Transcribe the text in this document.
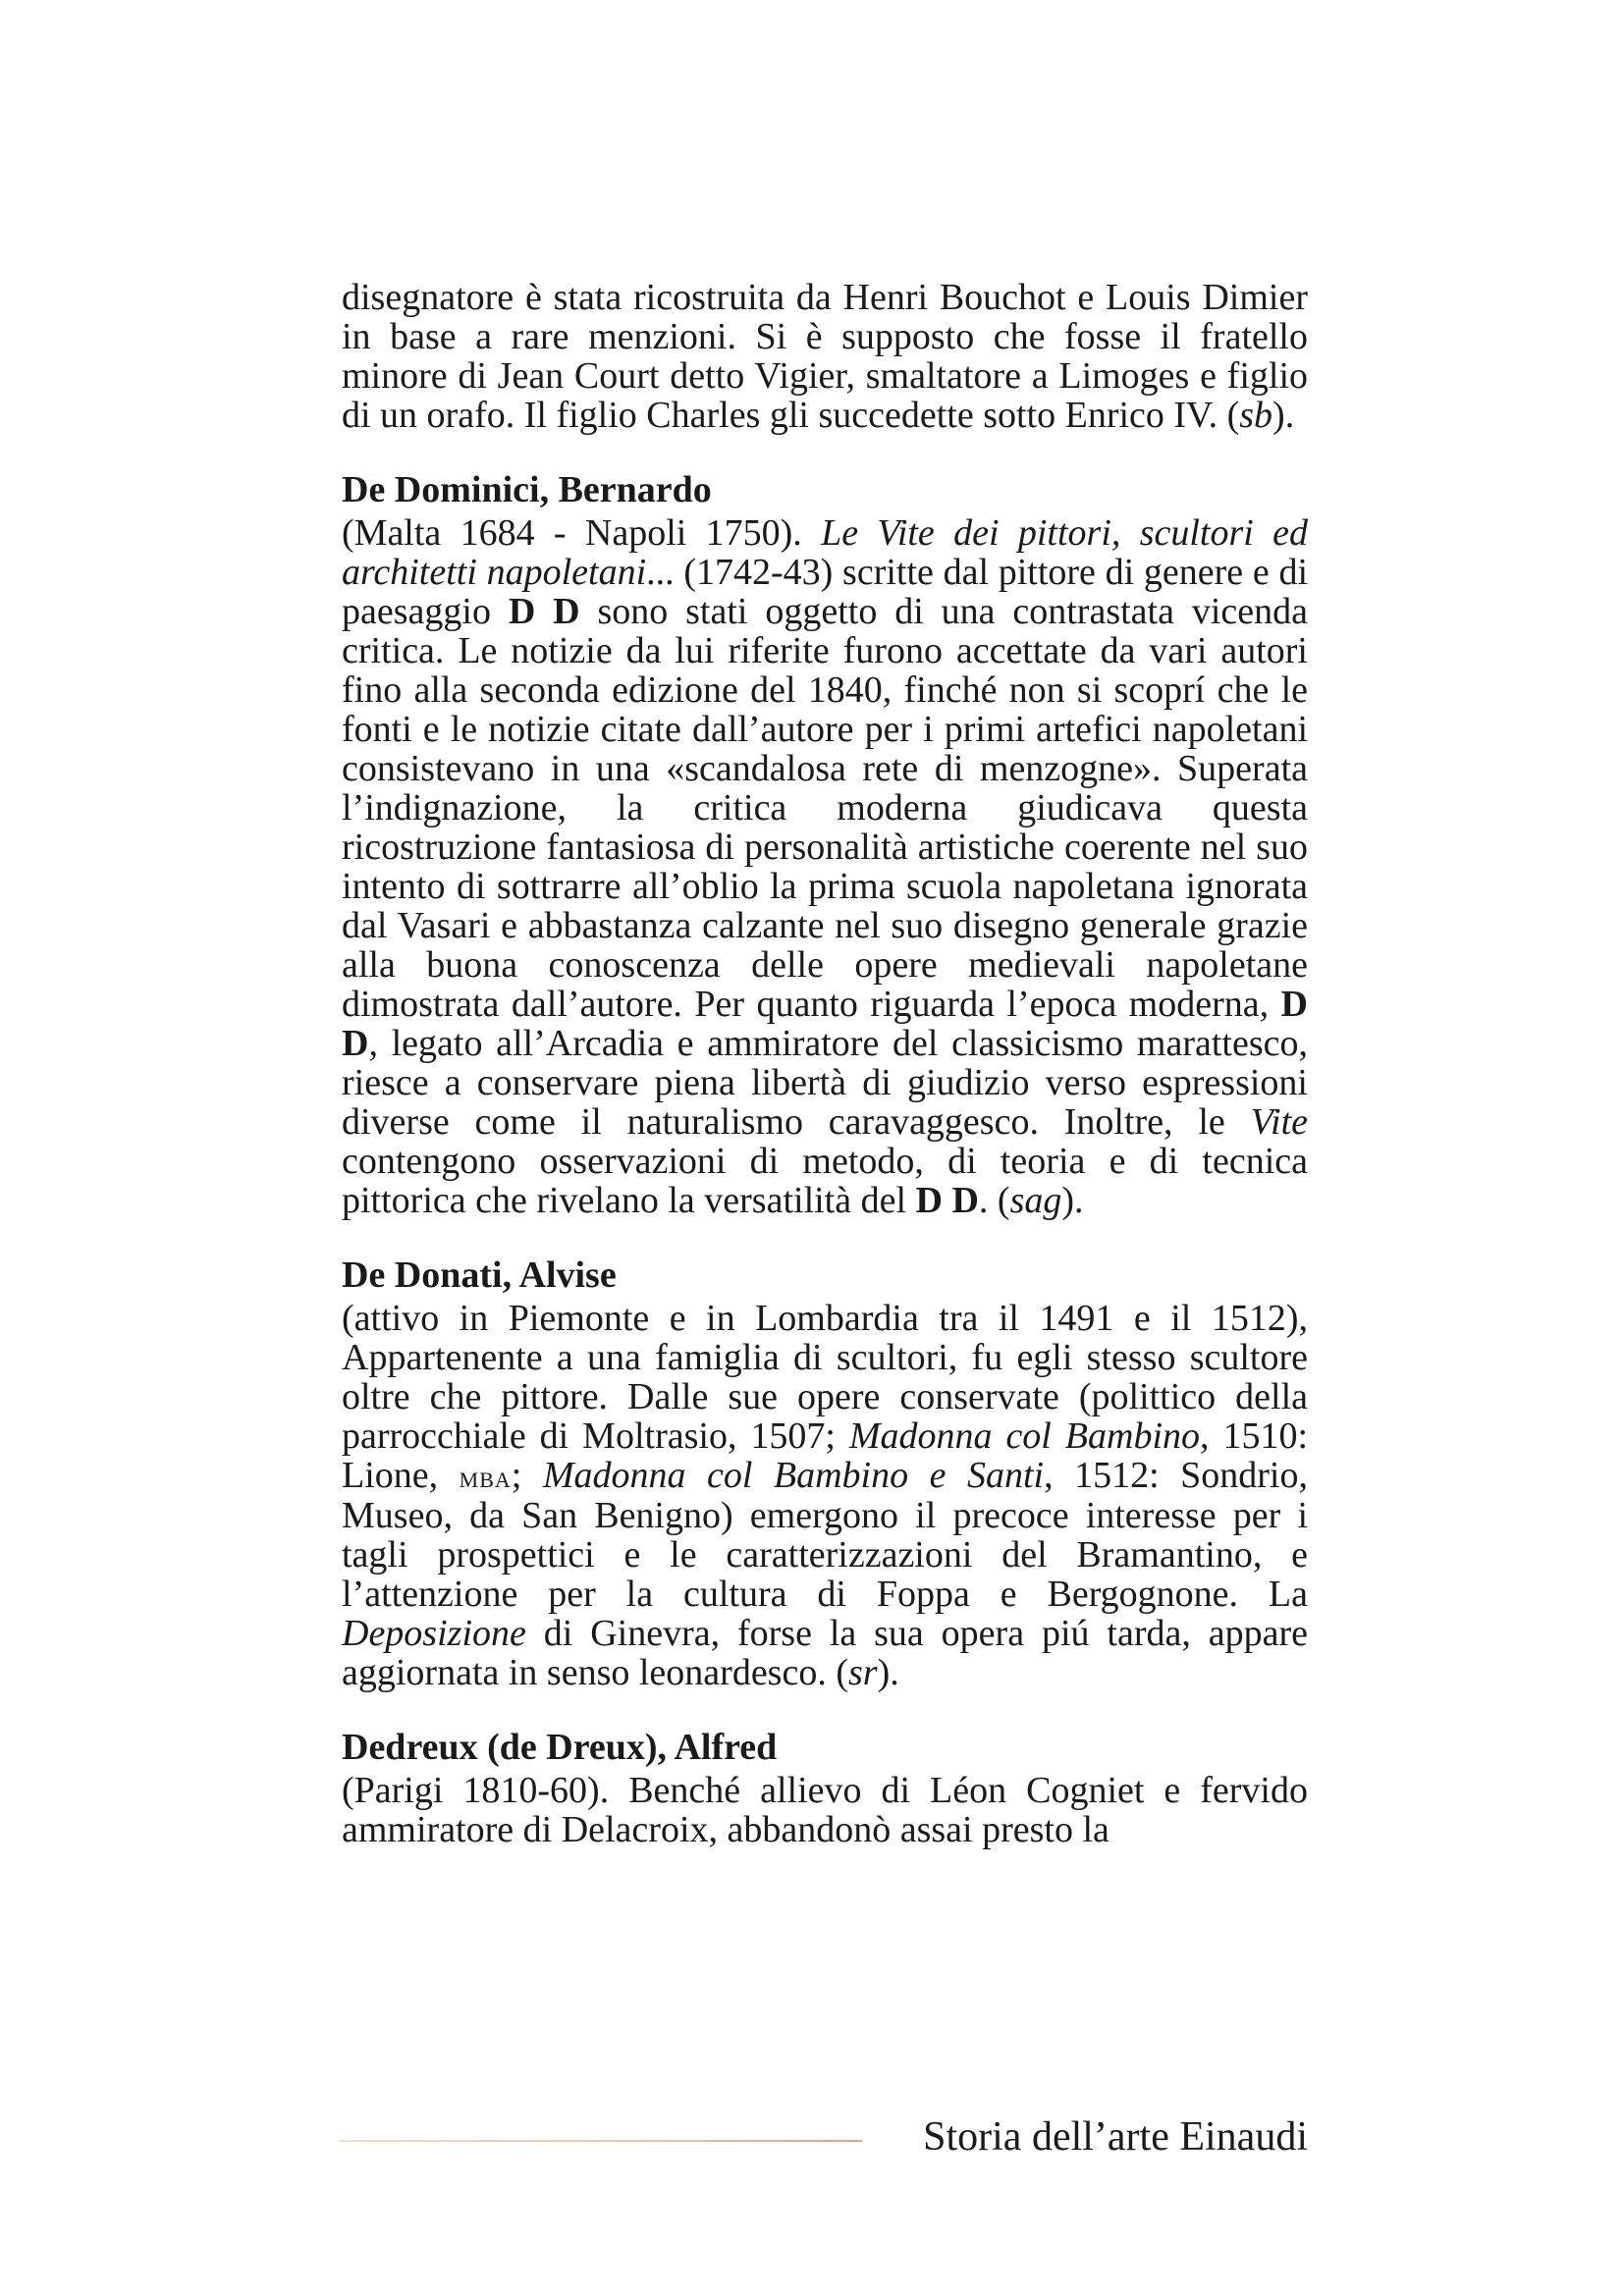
disegnatore è stata ricostruita da Henri Bouchot e Louis Dimier in base a rare menzioni. Si è supposto che fosse il fratello minore di Jean Court detto Vigier, smaltatore a Limoges e figlio di un orafo. Il figlio Charles gli succedette sotto Enrico IV. (sb).

De Dominici, Bernardo

(Malta 1684 - Napoli 1750). Le Vite dei pittori, scultori ed architetti napoletani... (1742-43) scritte dal pittore di genere e di paesaggio D D sono stati oggetto di una contrastata vicenda critica. Le notizie da lui riferite furono accettate da vari autori fino alla seconda edizione del 1840, finché non si scoprí che le fonti e le notizie citate dall’autore per i primi artefici napoletani consistevano in una «scandalosa rete di menzogne». Superata l’indignazione, la critica moderna giudicava questa ricostruzione fantasiosa di personalità artistiche coerente nel suo intento di sottrarre all’oblio la prima scuola napoletana ignorata dal Vasari e abbastanza calzante nel suo disegno generale grazie alla buona conoscenza delle opere medievali napoletane dimostrata dall’autore. Per quanto riguarda l’epoca moderna, D D, legato all’Arcadia e ammiratore del classicismo marattesco, riesce a conservare piena libertà di giudizio verso espressioni diverse come il naturalismo caravaggesco. Inoltre, le Vite contengono osservazioni di metodo, di teoria e di tecnica pittorica che rivelano la versatilità del D D. (sag).

De Donati, Alvise

(attivo in Piemonte e in Lombardia tra il 1491 e il 1512), Appartenente a una famiglia di scultori, fu egli stesso scultore oltre che pittore. Dalle sue opere conservate (polittico della parrocchiale di Moltrasio, 1507; Madonna col Bambino, 1510: Lione, mba; Madonna col Bambino e Santi, 1512: Sondrio, Museo, da San Benigno) emergono il precoce interesse per i tagli prospettici e le caratterizzazioni del Bramantino, e l’attenzione per la cultura di Foppa e Bergognone. La Deposizione di Ginevra, forse la sua opera piú tarda, appare aggiornata in senso leonardesco. (sr).

Dedreux (de Dreux), Alfred

(Parigi 1810-60). Benché allievo di Léon Cogniet e fervido ammiratore di Delacroix, abbandonò assai presto la

Storia dell’arte Einaudi
